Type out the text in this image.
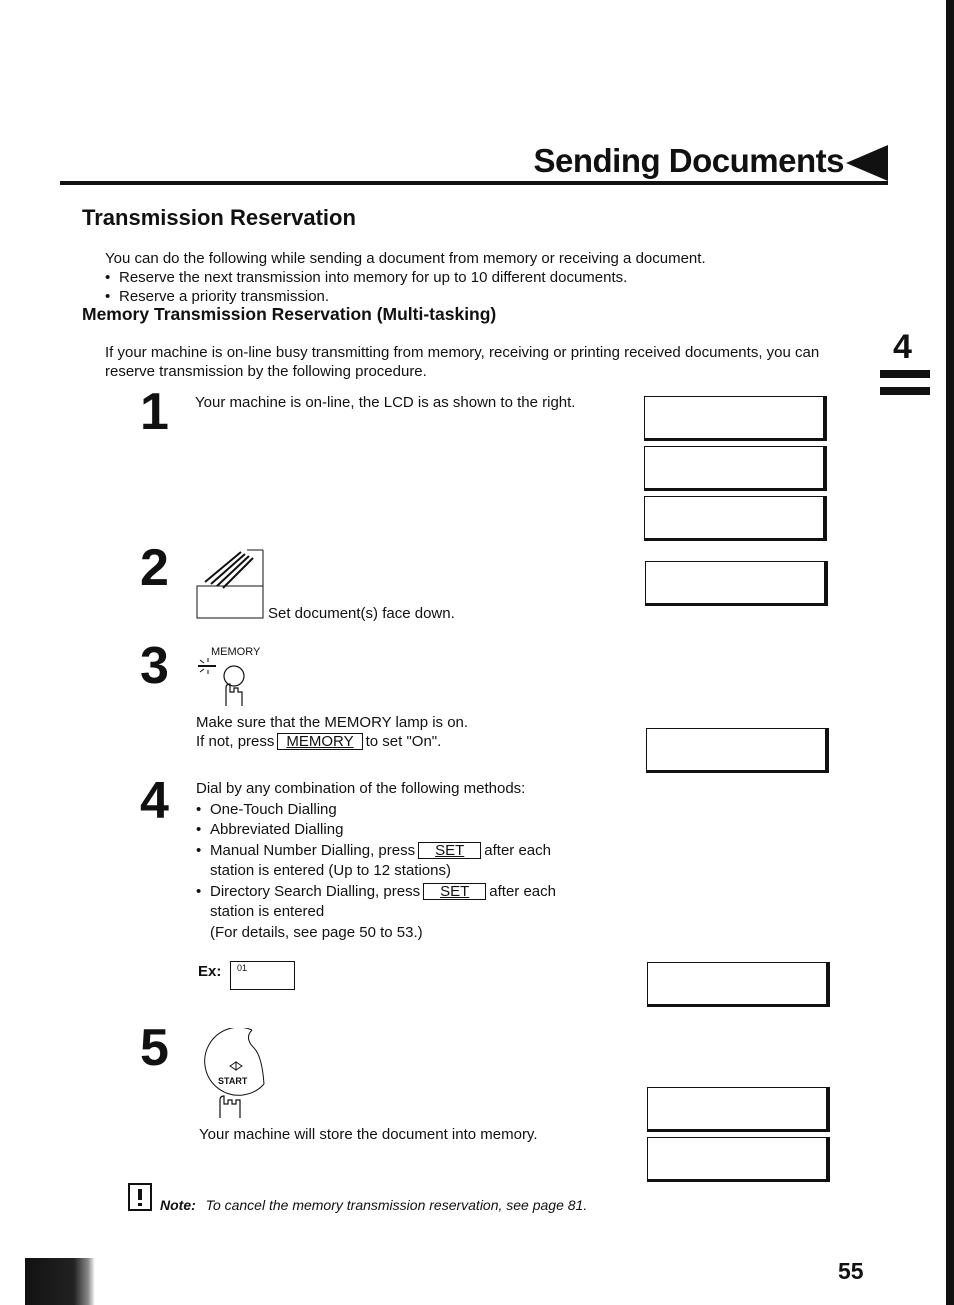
Sending Documents
Transmission Reservation
You can do the following while sending a document from memory or receiving a document.
• Reserve the next transmission into memory for up to 10 different documents.
• Reserve a priority transmission.
Memory Transmission Reservation (Multi-tasking)
If your machine is on-line busy transmitting from memory, receiving or printing received documents, you can
reserve transmission by the following procedure.
4
1 Your machine is on-line, the LCD is as shown to the right.
2
Set document(s) face down.
3	MEMORY
Make sure that the MEMORY lamp is on.
If not, press MEMORY to set "On".
4 Dial by any combination of the following methods:
• One-Touch Dialling
• Abbreviated Dialling
• Manual Number Dialling, press SET after each
station is entered (Up to 12 stations)
• Directory Search Dialling, press SET after each
station is entered
(For details, see page 50 to 53.)
Ex: 01
5
START
Your machine will store the document into memory.

Note: To cancel the memory transmission reservation, see page 81.
55
